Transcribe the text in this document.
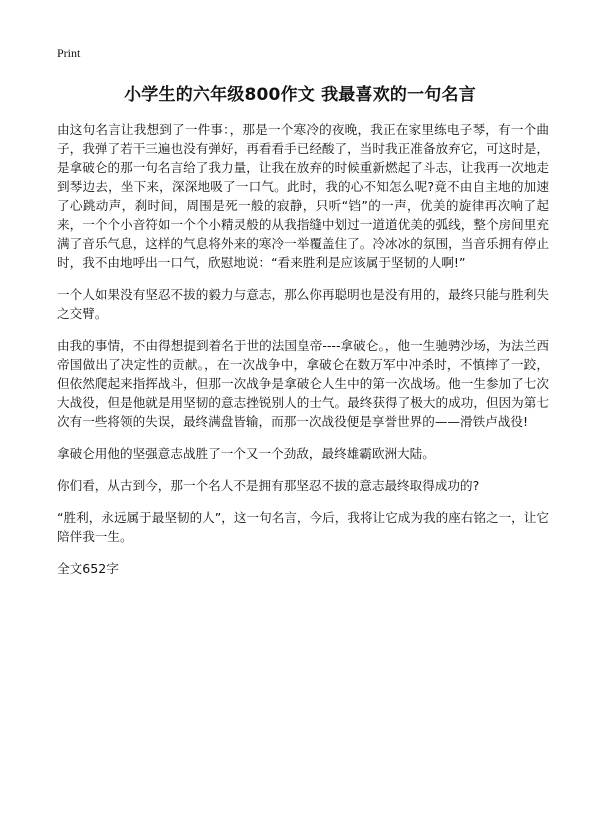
Print
小学生的六年级800作文 我最喜欢的一句名言

由这句名言让我想到了一件事：，那是一个寒冷的夜晚，我正在家里练电子琴，有一个曲子，我弹了若干三遍也没有弹好，再看看手已经酸了，当时我正准备放弃它，可这时是，是拿破仑的那一句名言给了我力量，让我在放弃的时候重新燃起了斗志，让我再一次地走到琴边去，坐下来，深深地吸了一口气。此时，我的心不知怎么呢?竟不由自主地的加速了心跳动声，刹时间，周围是死一般的寂静，只听“铛”的一声，优美的旋律再次响了起来，一个个小音符如一个个小精灵般的从我指缝中划过一道道优美的弧线，整个房间里充满了音乐气息，这样的气息将外来的寒冷一举覆盖住了。冷冰冰的氛围，当音乐拥有停止时，我不由地呼出一口气，欣慰地说：“看来胜利是应该属于坚韧的人啊!”

一个人如果没有坚忍不拔的毅力与意志，那么你再聪明也是没有用的，最终只能与胜利失之交臂。

由我的事情，不由得想提到着名于世的法国皇帝----拿破仑。，他一生驰骋沙场，为法兰西帝国做出了决定性的贡献。，在一次战争中，拿破仑在数万军中冲杀时，不慎摔了一跤，但依然爬起来指挥战斗，但那一次战争是拿破仑人生中的第一次战场。他一生参加了七次大战役，但是他就是用坚韧的意志挫锐别人的士气。最终获得了极大的成功，但因为第七次有一些将领的失误，最终满盘皆输，而那一次战役便是享誉世界的——滑铁卢战役!

拿破仑用他的坚强意志战胜了一个又一个劲敌，最终雄霸欧洲大陆。

你们看，从古到今，那一个名人不是拥有那坚忍不拔的意志最终取得成功的?

“胜利，永远属于最坚韧的人”，这一句名言，今后，我将让它成为我的座右铭之一，让它陪伴我一生。

全文652字
